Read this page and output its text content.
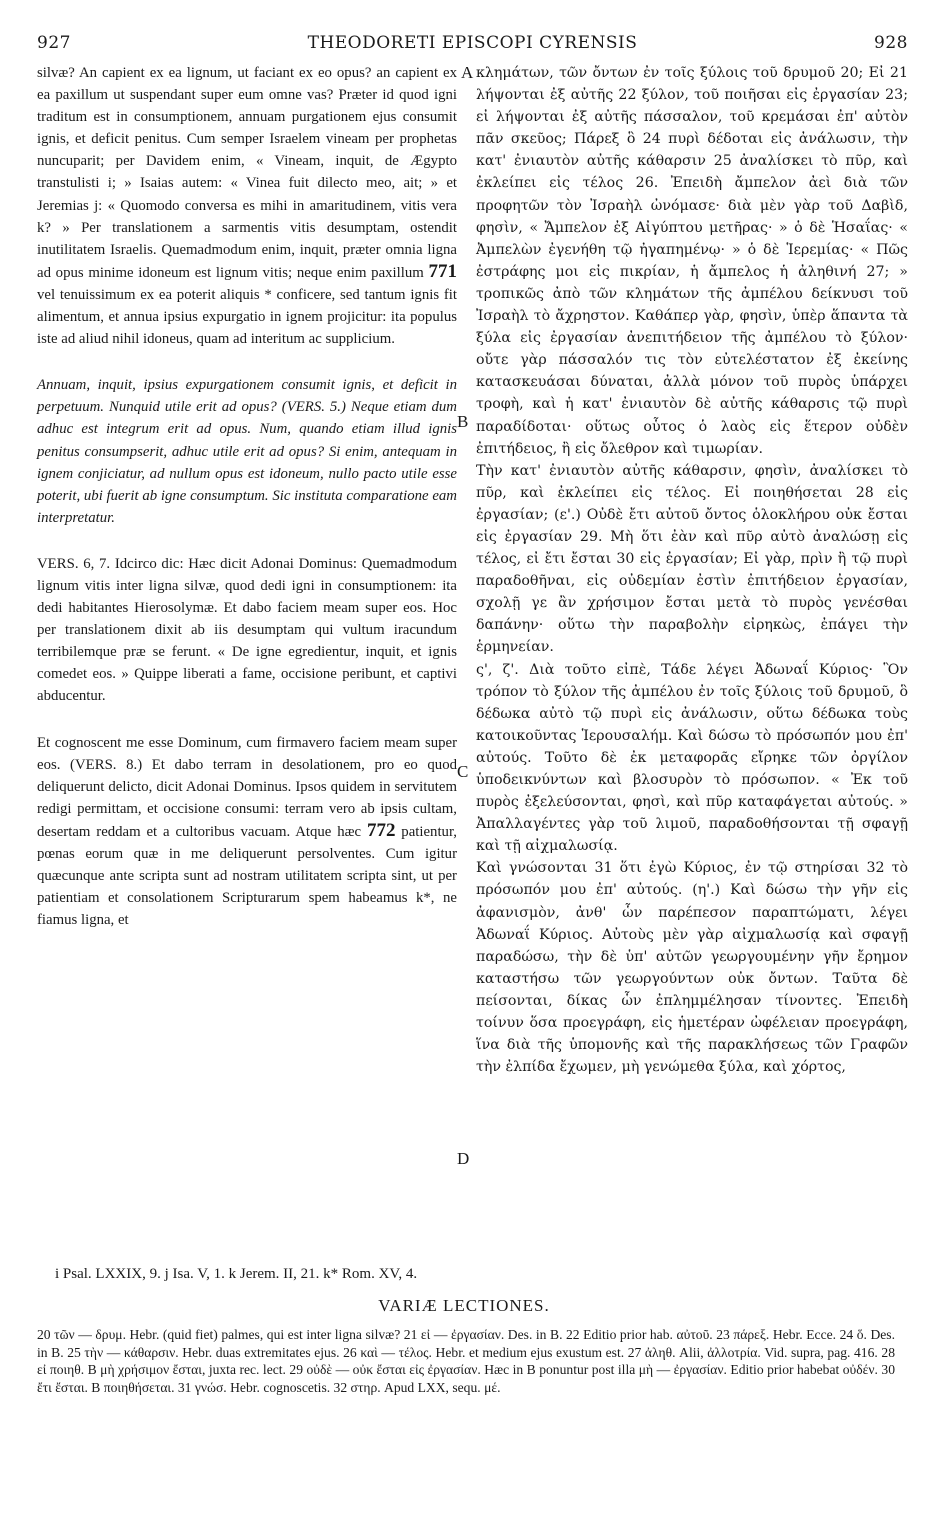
927	THEODORETI EPISCOPI CYRENSIS	928
A
B
C
D

silvæ? An capient ex ea lignum, ut faciant ex eo opus? an capient ex ea paxillum ut suspendant super eum omne vas? Præter id quod igni traditum est in consumptionem, annuam purgationem ejus consumit ignis, et deficit penitus. Cum semper Israelem vineam per prophetas nuncuparit; per Davidem enim, « Vineam, inquit, de Ægypto transtulisti i; » Isaias autem: « Vinea fuit dilecto meo, ait; » et Jeremias j: « Quomodo conversa es mihi in amaritudinem, vitis vera k? » Per translationem a sarmentis vitis desumptam, ostendit inutilitatem Israelis. Quemadmodum enim, inquit, præter omnia ligna ad opus minime idoneum est lignum vitis; neque enim paxillum 771 vel tenuissimum ex ea poterit aliquis * conficere, sed tantum ignis fit alimentum, et annua ipsius expurgatio in ignem projicitur: ita populus iste ad aliud nihil idoneus, quam ad interitum ac supplicium.

Annuam, inquit, ipsius expurgationem consumit ignis, et deficit in perpetuum. Nunquid utile erit ad opus? (VERS. 5.) Neque etiam dum adhuc est integrum erit ad opus. Num, quando etiam illud ignis penitus consumpserit, adhuc utile erit ad opus? Si enim, antequam in ignem conjiciatur, ad nullum opus est idoneum, nullo pacto utile esse poterit, ubi fuerit ab igne consumptum. Sic instituta comparatione eam interpretatur.

VERS. 6, 7. Idcirco dic: Hæc dicit Adonai Dominus: Quemadmodum lignum vitis inter ligna silvæ, quod dedi igni in consumptionem: ita dedi habitantes Hierosolymæ. Et dabo faciem meam super eos. Hoc per translationem dixit ab iis desumptam qui vultum iracundum terribilemque præ se ferunt. « De igne egredientur, inquit, et ignis comedet eos. » Quippe liberati a fame, occisione peribunt, et captivi abducentur.

Et cognoscent me esse Dominum, cum firmavero faciem meam super eos. (VERS. 8.) Et dabo terram in desolationem, pro eo quod deliquerunt delicto, dicit Adonai Dominus. Ipsos quidem in servitutem redigi permittam, et occisione consumi: terram vero ab ipsis cultam, desertam reddam et a cultoribus vacuam. Atque hæc 772 patientur, pœnas eorum quæ in me deliquerunt persolventes. Cum igitur quæcunque ante scripta sunt ad nostram utilitatem scripta sint, ut per patientiam et consolationem Scripturarum spem habeamus k*, ne fiamus ligna, et

κλημάτων, τῶν ὄντων ἐν τοῖς ξύλοις τοῦ δρυμοῦ 20; Εἰ 21 λήψονται ἐξ αὐτῆς 22 ξύλον, τοῦ ποιῆσαι εἰς ἐργασίαν 23; εἰ λήψονται ἐξ αὐτῆς πάσσαλον, τοῦ κρεμάσαι ἐπ' αὐτὸν πᾶν σκεῦος; Πάρεξ ὃ 24 πυρὶ δέδοται εἰς ἀνάλωσιν, τὴν κατ' ἐνιαυτὸν αὐτῆς κάθαρσιν 25 ἀναλίσκει τὸ πῦρ, καὶ ἐκλείπει εἰς τέλος 26. Ἐπειδὴ ἄμπελον ἀεὶ διὰ τῶν προφητῶν τὸν Ἰσραὴλ ὠνόμασε· διὰ μὲν γὰρ τοῦ Δαβὶδ, φησὶν, « Ἄμπελον ἐξ Αἰγύπτου μετῆρας· » ὁ δὲ Ἡσαΐας· « Ἀμπελὼν ἐγενήθη τῷ ἠγαπημένῳ· » ὁ δὲ Ἱερεμίας· « Πῶς ἐστράφης μοι εἰς πικρίαν, ἡ ἄμπελος ἡ ἀληθινή 27; » τροπικῶς ἀπὸ τῶν κλημάτων τῆς ἀμπέλου δείκνυσι τοῦ Ἰσραὴλ τὸ ἄχρηστον. Καθάπερ γὰρ, φησὶν, ὑπὲρ ἅπαντα τὰ ξύλα εἰς ἐργασίαν ἀνεπιτήδειον τῆς ἀμπέλου τὸ ξύλον· οὔτε γὰρ πάσσαλόν τις τὸν εὐτελέστατον ἐξ ἐκείνης κατασκευάσαι δύναται, ἀλλὰ μόνον τοῦ πυρὸς ὑπάρχει τροφὴ, καὶ ἡ κατ' ἐνιαυτὸν δὲ αὐτῆς κάθαρσις τῷ πυρὶ παραδίδοται· οὕτως οὗτος ὁ λαὸς εἰς ἕτερον οὐδὲν ἐπιτήδειος, ἢ εἰς ὄλεθρον καὶ τιμωρίαν.

Τὴν κατ' ἐνιαυτὸν αὐτῆς κάθαρσιν, φησὶν, ἀναλίσκει τὸ πῦρ, καὶ ἐκλείπει εἰς τέλος. Εἰ ποιηθήσεται 28 εἰς ἐργασίαν; (ε'.) Οὐδὲ ἔτι αὐτοῦ ὄντος ὁλοκλήρου οὐκ ἔσται εἰς ἐργασίαν 29. Μὴ ὅτι ἐὰν καὶ πῦρ αὐτὸ ἀναλώσῃ εἰς τέλος, εἰ ἔτι ἔσται 30 εἰς ἐργασίαν; Εἰ γὰρ, πρὶν ἢ τῷ πυρὶ παραδοθῆναι, εἰς οὐδεμίαν ἐστὶν ἐπιτήδειον ἐργασίαν, σχολῇ γε ἂν χρήσιμον ἔσται μετὰ τὸ πυρὸς γενέσθαι δαπάνην· οὕτω τὴν παραβολὴν εἰρηκὼς, ἐπάγει τὴν ἑρμηνείαν.

ς', ζ'. Διὰ τοῦτο εἰπὲ, Τάδε λέγει Ἀδωναΐ Κύριος· Ὃν τρόπον τὸ ξύλον τῆς ἀμπέλου ἐν τοῖς ξύλοις τοῦ δρυμοῦ, ὃ δέδωκα αὐτὸ τῷ πυρὶ εἰς ἀνάλωσιν, οὕτω δέδωκα τοὺς κατοικοῦντας Ἱερουσαλήμ. Καὶ δώσω τὸ πρόσωπόν μου ἐπ' αὐτούς. Τοῦτο δὲ ἐκ μεταφορᾶς εἴρηκε τῶν ὀργίλον ὑποδεικνύντων καὶ βλοσυρὸν τὸ πρόσωπον. « Ἐκ τοῦ πυρὸς ἐξελεύσονται, φησὶ, καὶ πῦρ καταφάγεται αὐτούς. » Ἀπαλλαγέντες γὰρ τοῦ λιμοῦ, παραδοθήσονται τῇ σφαγῇ καὶ τῇ αἰχμαλωσίᾳ.

Καὶ γνώσονται 31 ὅτι ἐγὼ Κύριος, ἐν τῷ στηρίσαι 32 τὸ πρόσωπόν μου ἐπ' αὐτούς. (η'.) Καὶ δώσω τὴν γῆν εἰς ἀφανισμὸν, ἀνθ' ὧν παρέπεσον παραπτώματι, λέγει Ἀδωναΐ Κύριος. Αὐτοὺς μὲν γὰρ αἰχμαλωσίᾳ καὶ σφαγῇ παραδώσω, τὴν δὲ ὑπ' αὐτῶν γεωργουμένην γῆν ἔρημον καταστήσω τῶν γεωργούντων οὐκ ὄντων. Ταῦτα δὲ πείσονται, δίκας ὧν ἐπλημμέλησαν τίνοντες. Ἐπειδὴ τοίνυν ὅσα προεγράφη, εἰς ἡμετέραν ὠφέλειαν προεγράφη, ἵνα διὰ τῆς ὑπομονῆς καὶ τῆς παρακλήσεως τῶν Γραφῶν τὴν ἐλπίδα ἔχωμεν, μὴ γενώμεθα ξύλα, καὶ χόρτος,

i Psal. LXXIX, 9. j Isa. V, 1. k Jerem. II, 21. k* Rom. XV, 4.
VARIÆ LECTIONES.
20 τῶν — δρυμ. Hebr. (quid fiet) palmes, qui est inter ligna silvæ? 21 εἰ — ἐργασίαν. Des. in B. 22 Editio prior hab. αὐτοῦ. 23 πάρεξ. Hebr. Ecce. 24 ὅ. Des. in B. 25 τὴν — κάθαρσιν. Hebr. duas extremitates ejus. 26 καὶ — τέλος. Hebr. et medium ejus exustum est. 27 ἀληθ. Alii, ἀλλοτρία. Vid. supra, pag. 416. 28 εἰ ποιηθ. B μὴ χρήσιμον ἔσται, juxta rec. lect. 29 οὐδὲ — οὐκ ἔσται εἰς ἐργασίαν. Hæc in B ponuntur post illa μὴ — ἐργασίαν. Editio prior habebat οὐδέν. 30 ἔτι ἔσται. B ποιηθήσεται. 31 γνώσ. Hebr. cognoscetis. 32 στηρ. Apud LXX, sequ. μέ.
